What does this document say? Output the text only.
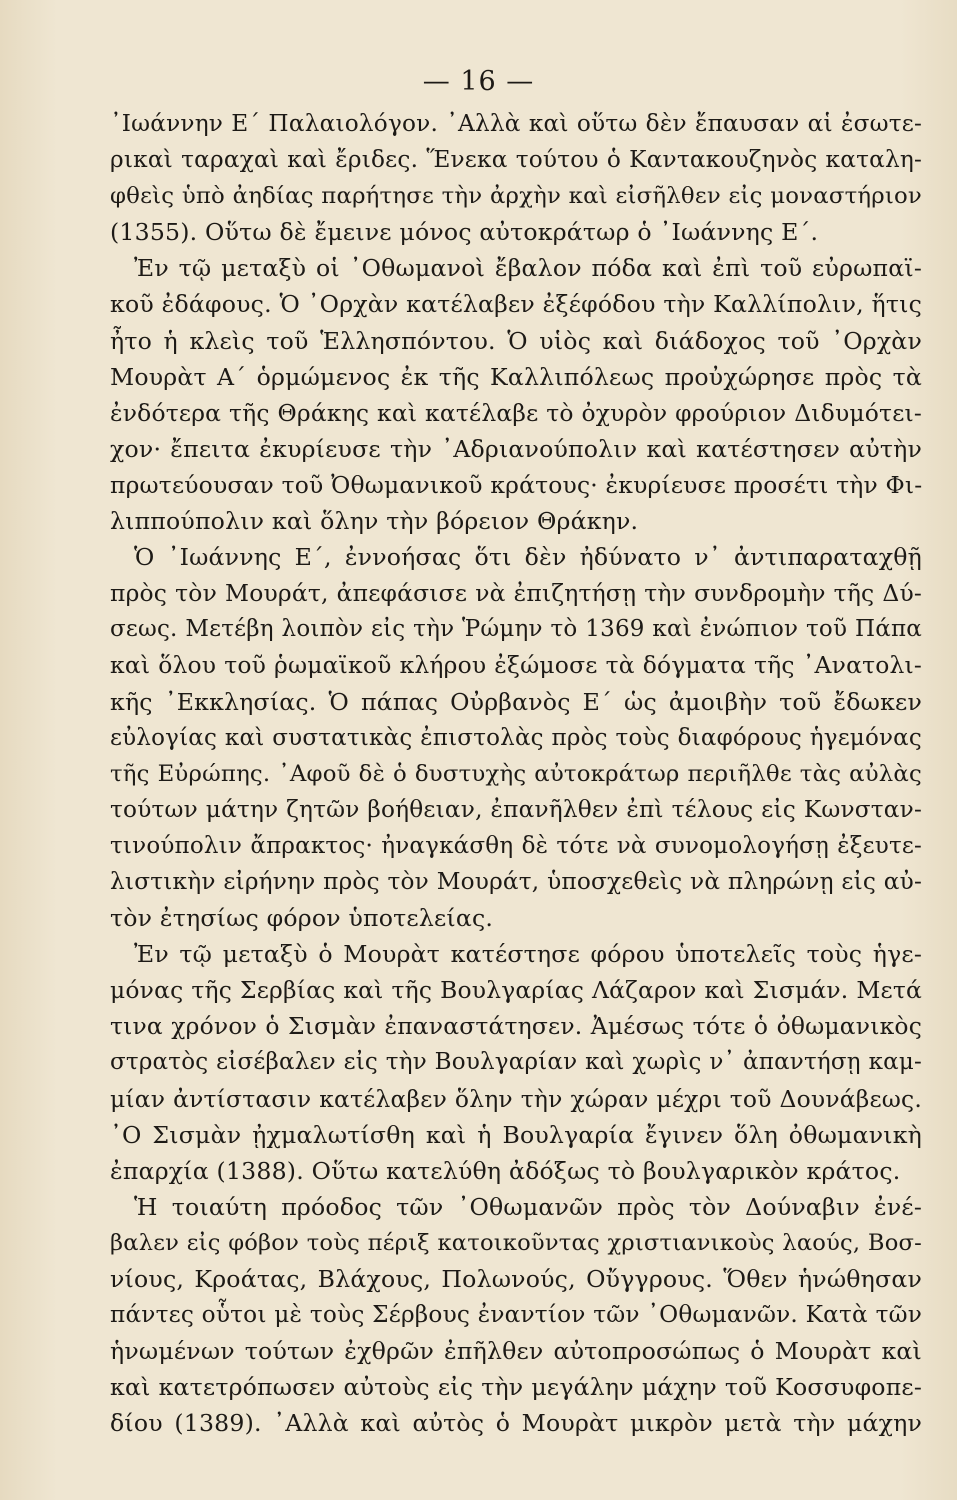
— 16 —
᾿Ιωάννην Ε΄ Παλαιολόγον. ᾿Αλλὰ καὶ οὕτω δὲν ἔπαυσαν αἱ ἐσωτε-
ρικαὶ ταραχαὶ καὶ ἔριδες. Ἕνεκα τούτου ὁ Καντακουζηνὸς καταλη-
φθεὶς ὑπὸ ἀηδίας παρήτησε τὴν ἀρχὴν καὶ εἰσῆλθεν εἰς μοναστήριον
(1355). Οὕτω δὲ ἔμεινε μόνος αὐτοκράτωρ ὁ ᾿Ιωάννης Ε΄.
Ἐν τῷ μεταξὺ οἱ ᾿Οθωμανοὶ ἔβαλον πόδα καὶ ἐπὶ τοῦ εὐρωπαϊ-
κοῦ ἐδάφους. Ὁ ᾿Ορχὰν κατέλαβεν ἐξέφόδου τὴν Καλλίπολιν, ἥτις
ἦτο ἡ κλεὶς τοῦ Ἑλλησπόντου. Ὁ υἱὸς καὶ διάδοχος τοῦ ᾿Ορχὰν
Μουρὰτ Α΄ ὁρμώμενος ἐκ τῆς Καλλιπόλεως προὐχώρησε πρὸς τὰ
ἐνδότερα τῆς Θράκης καὶ κατέλαβε τὸ ὀχυρὸν φρούριον Διδυμότει-
χον· ἔπειτα ἐκυρίευσε τὴν ᾿Αδριανούπολιν καὶ κατέστησεν αὐτὴν
πρωτεύουσαν τοῦ Ὀθωμανικοῦ κράτους· ἐκυρίευσε προσέτι τὴν Φι-
λιππούπολιν καὶ ὅλην τὴν βόρειον Θράκην.
Ὁ ᾿Ιωάννης Ε΄, ἐννοήσας ὅτι δὲν ἠδύνατο ν᾿ ἀντιπαραταχθῇ
πρὸς τὸν Μουράτ, ἀπεφάσισε νὰ ἐπιζητήσῃ τὴν συνδρομὴν τῆς Δύ-
σεως. Μετέβη λοιπὸν εἰς τὴν Ῥώμην τὸ 1369 καὶ ἐνώπιον τοῦ Πάπα
καὶ ὅλου τοῦ ῥωμαϊκοῦ κλήρου ἐξώμοσε τὰ δόγματα τῆς ᾿Ανατολι-
κῆς ᾿Εκκλησίας. Ὁ πάπας Οὐρβανὸς Ε΄ ὡς ἀμοιβὴν τοῦ ἔδωκεν
εὐλογίας καὶ συστατικὰς ἐπιστολὰς πρὸς τοὺς διαφόρους ἡγεμόνας
τῆς Εὐρώπης. ᾿Αφοῦ δὲ ὁ δυστυχὴς αὐτοκράτωρ περιῆλθε τὰς αὐλὰς
τούτων μάτην ζητῶν βοήθειαν, ἐπανῆλθεν ἐπὶ τέλους εἰς Κωνσταν-
τινούπολιν ἄπρακτος· ἠναγκάσθη δὲ τότε νὰ συνομολογήσῃ ἐξευτε-
λιστικὴν εἰρήνην πρὸς τὸν Μουράτ, ὑποσχεθεὶς νὰ πληρώνῃ εἰς αὐ-
τὸν ἐτησίως φόρον ὑποτελείας.
Ἐν τῷ μεταξὺ ὁ Μουρὰτ κατέστησε φόρου ὑποτελεῖς τοὺς ἡγε-
μόνας τῆς Σερβίας καὶ τῆς Βουλγαρίας Λάζαρον καὶ Σισμάν. Μετά
τινα χρόνον ὁ Σισμὰν ἐπαναστάτησεν. Ἀμέσως τότε ὁ ὀθωμανικὸς
στρατὸς εἰσέβαλεν εἰς τὴν Βουλγαρίαν καὶ χωρὶς ν᾿ ἀπαντήσῃ καμ-
μίαν ἀντίστασιν κατέλαβεν ὅλην τὴν χώραν μέχρι τοῦ Δουνάβεως.
᾿Ο Σισμὰν ᾐχμαλωτίσθη καὶ ἡ Βουλγαρία ἔγινεν ὅλη ὀθωμανικὴ
ἐπαρχία (1388). Οὕτω κατελύθη ἀδόξως τὸ βουλγαρικὸν κράτος.
Ἡ τοιαύτη πρόοδος τῶν ᾿Οθωμανῶν πρὸς τὸν Δούναβιν ἐνέ-
βαλεν εἰς φόβον τοὺς πέριξ κατοικοῦντας χριστιανικοὺς λαούς, Βοσ-
νίους, Κροάτας, Βλάχους, Πολωνούς, Οὔγγρους. Ὅθεν ἡνώθησαν
πάντες οὗτοι μὲ τοὺς Σέρβους ἐναντίον τῶν ᾿Οθωμανῶν. Κατὰ τῶν
ἡνωμένων τούτων ἐχθρῶν ἐπῆλθεν αὐτοπροσώπως ὁ Μουρὰτ καὶ
καὶ κατετρόπωσεν αὐτοὺς εἰς τὴν μεγάλην μάχην τοῦ Κοσσυφοπε-
δίου (1389). ᾿Αλλὰ καὶ αὐτὸς ὁ Μουρὰτ μικρὸν μετὰ τὴν μάχην
